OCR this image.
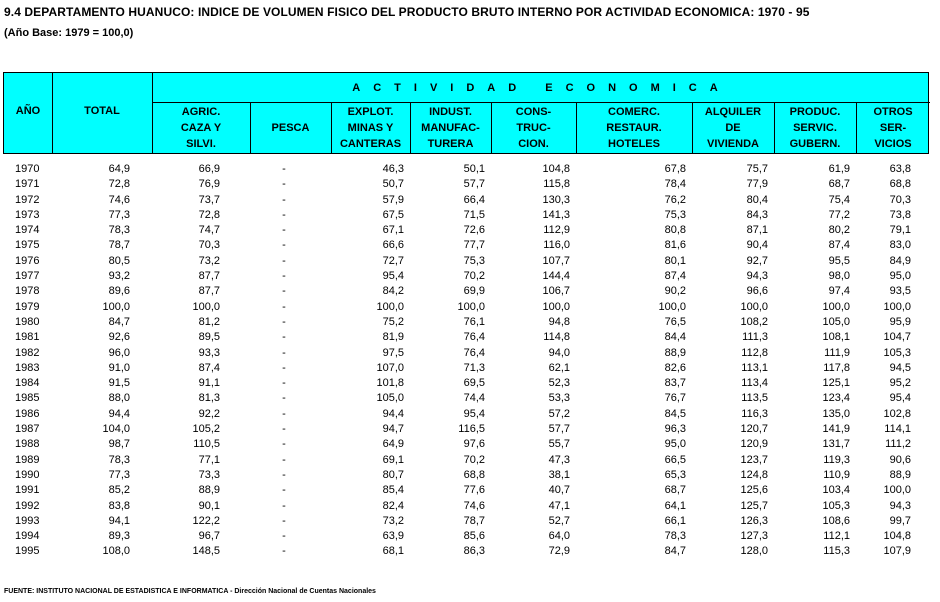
9.4 DEPARTAMENTO HUANUCO: INDICE DE VOLUMEN FISICO DEL PRODUCTO BRUTO INTERNO POR ACTIVIDAD ECONOMICA: 1970 - 95
(Año Base: 1979 = 100,0)
AÑO	TOTAL
ACTIVIDAD ECONOMICA
AGRIC.
CAZA Y
SILVI.
PESCA
EXPLOT.
MINAS Y
CANTERAS
INDUST.
MANUFAC-
TURERA
CONS-
TRUC-
CION.
COMERC.
RESTAUR.
HOTELES
ALQUILER
DE
VIVIENDA
PRODUC.
SERVIC.
GUBERN.
OTROS
SER-
VICIOS
1970	64,9	66,9	-	46,3	50,1	104,8	67,8	75,7	61,9	63,8
1971	72,8	76,9	-	50,7	57,7	115,8	78,4	77,9	68,7	68,8
1972	74,6	73,7	-	57,9	66,4	130,3	76,2	80,4	75,4	70,3
1973	77,3	72,8	-	67,5	71,5	141,3	75,3	84,3	77,2	73,8
1974	78,3	74,7	-	67,1	72,6	112,9	80,8	87,1	80,2	79,1
1975	78,7	70,3	-	66,6	77,7	116,0	81,6	90,4	87,4	83,0
1976	80,5	73,2	-	72,7	75,3	107,7	80,1	92,7	95,5	84,9
1977	93,2	87,7	-	95,4	70,2	144,4	87,4	94,3	98,0	95,0
1978	89,6	87,7	-	84,2	69,9	106,7	90,2	96,6	97,4	93,5
1979	100,0	100,0	-	100,0	100,0	100,0	100,0	100,0	100,0	100,0
1980	84,7	81,2	-	75,2	76,1	94,8	76,5	108,2	105,0	95,9
1981	92,6	89,5	-	81,9	76,4	114,8	84,4	111,3	108,1	104,7
1982	96,0	93,3	-	97,5	76,4	94,0	88,9	112,8	111,9	105,3
1983	91,0	87,4	-	107,0	71,3	62,1	82,6	113,1	117,8	94,5
1984	91,5	91,1	-	101,8	69,5	52,3	83,7	113,4	125,1	95,2
1985	88,0	81,3	-	105,0	74,4	53,3	76,7	113,5	123,4	95,4
1986	94,4	92,2	-	94,4	95,4	57,2	84,5	116,3	135,0	102,8
1987	104,0	105,2	-	94,7	116,5	57,7	96,3	120,7	141,9	114,1
1988	98,7	110,5	-	64,9	97,6	55,7	95,0	120,9	131,7	111,2
1989	78,3	77,1	-	69,1	70,2	47,3	66,5	123,7	119,3	90,6
1990	77,3	73,3	-	80,7	68,8	38,1	65,3	124,8	110,9	88,9
1991	85,2	88,9	-	85,4	77,6	40,7	68,7	125,6	103,4	100,0
1992	83,8	90,1	-	82,4	74,6	47,1	64,1	125,7	105,3	94,3
1993	94,1	122,2	-	73,2	78,7	52,7	66,1	126,3	108,6	99,7
1994	89,3	96,7	-	63,9	85,6	64,0	78,3	127,3	112,1	104,8
1995	108,0	148,5	-	68,1	86,3	72,9	84,7	128,0	115,3	107,9
FUENTE: INSTITUTO NACIONAL DE ESTADISTICA E INFORMATICA - Dirección Nacional de Cuentas Nacionales
